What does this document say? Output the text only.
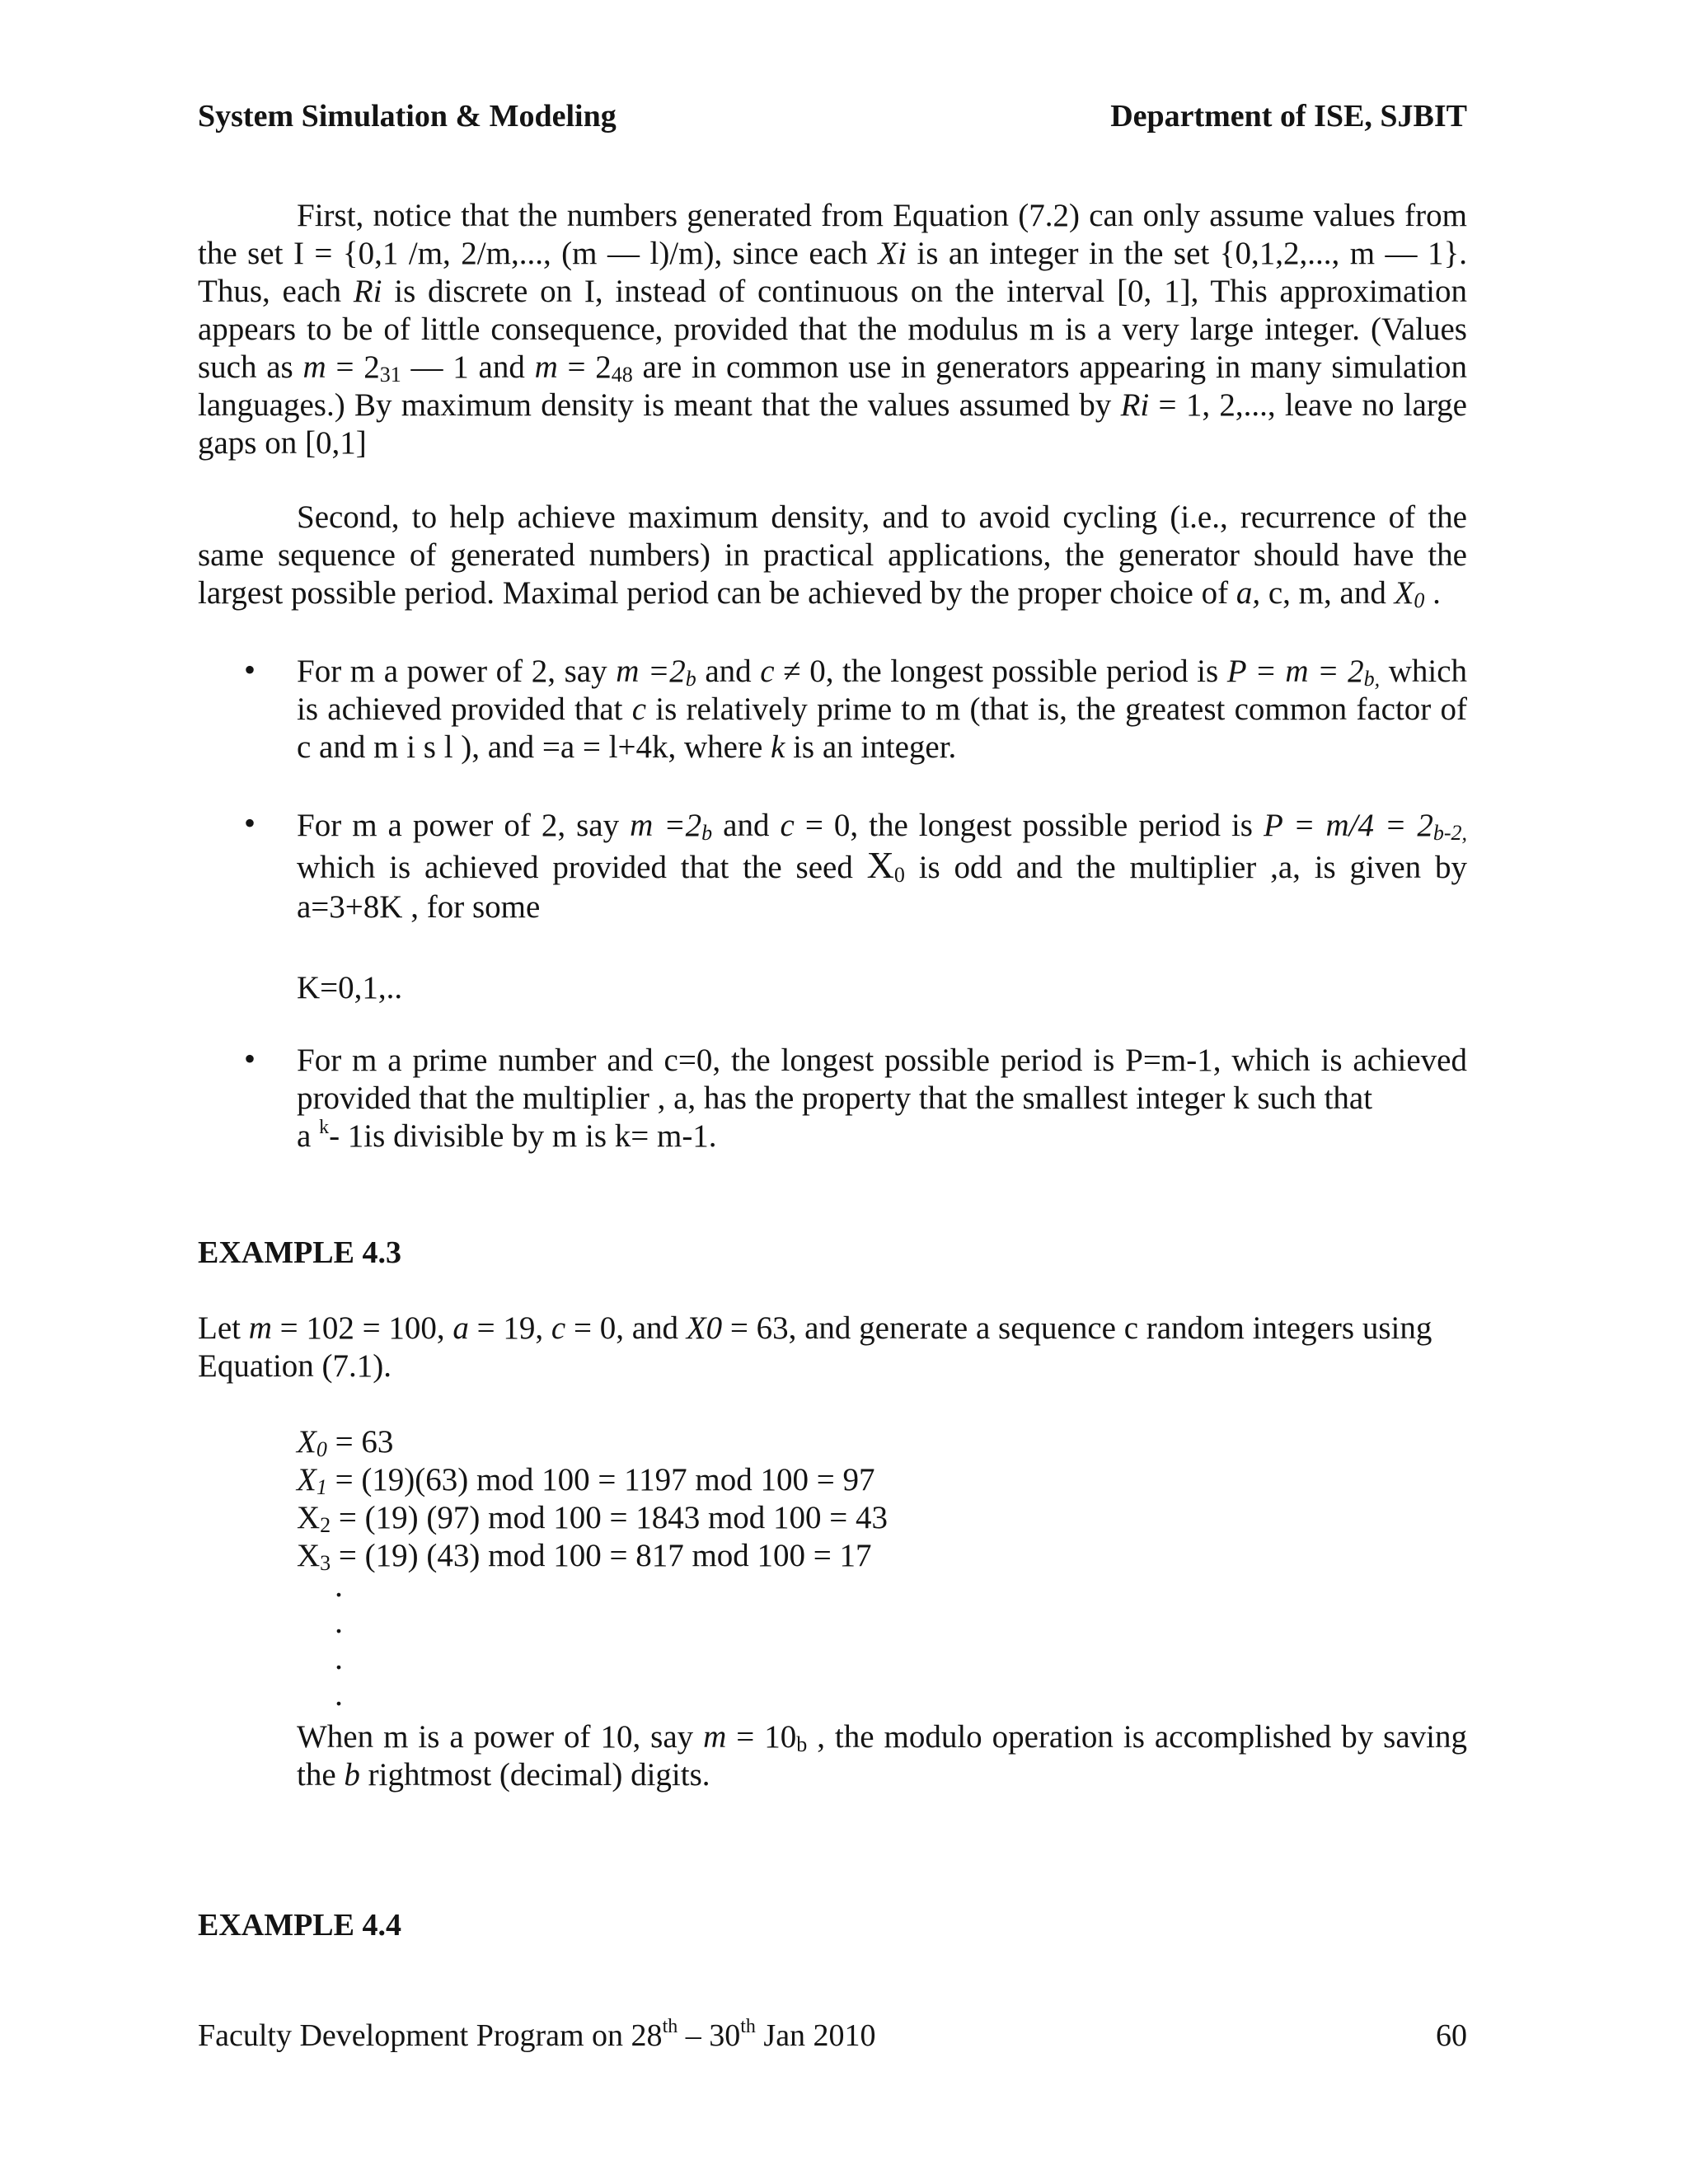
System Simulation & Modeling	Department of ISE, SJBIT
First, notice that the numbers generated from Equation (7.2) can only assume values from the set I = {0,1 /m, 2/m,..., (m — l)/m), since each Xi is an integer in the set {0,1,2,..., m — 1}. Thus, each Ri is discrete on I, instead of continuous on the interval [0, 1], This approximation appears to be of little consequence, provided that the modulus m is a very large integer. (Values such as m = 231 — 1 and m = 248 are in common use in generators appearing in many simulation languages.) By maximum density is meant that the values assumed by Ri = 1, 2,..., leave no large gaps on [0,1]
Second, to help achieve maximum density, and to avoid cycling (i.e., recurrence of the same sequence of generated numbers) in practical applications, the generator should have the largest possible period. Maximal period can be achieved by the proper choice of a, c, m, and X0 .
• For m a power of 2, say m =2b and c ≠ 0, the longest possible period is P = m = 2b, which is achieved provided that c is relatively prime to m (that is, the greatest common factor of c and m i s l ), and =a = l+4k, where k is an integer.
• For m a power of 2, say m =2b and c = 0, the longest possible period is P = m/4 = 2b-2, which is achieved provided that the seed X0 is odd and the multiplier ,a, is given by a=3+8K , for some
K=0,1,..
• For m a prime number and c=0, the longest possible period is P=m-1, which is achieved provided that the multiplier , a, has the property that the smallest integer k such that
a $^k$- 1is divisible by m is k= m-1.
EXAMPLE 4.3
Let m = 102 = 100, a = 19, c = 0, and X0 = 63, and generate a sequence c random integers using Equation (7.1).
X0 = 63
X1 = (19)(63) mod 100 = 1197 mod 100 = 97
X2 = (19) (97) mod 100 = 1843 mod 100 = 43
X3 = (19) (43) mod 100 = 817 mod 100 = 17
.
.
.
.
When m is a power of 10, say m = 10b , the modulo operation is accomplished by saving the b rightmost (decimal) digits.
EXAMPLE 4.4
Faculty Development Program on 28th – 30th Jan 2010	60
